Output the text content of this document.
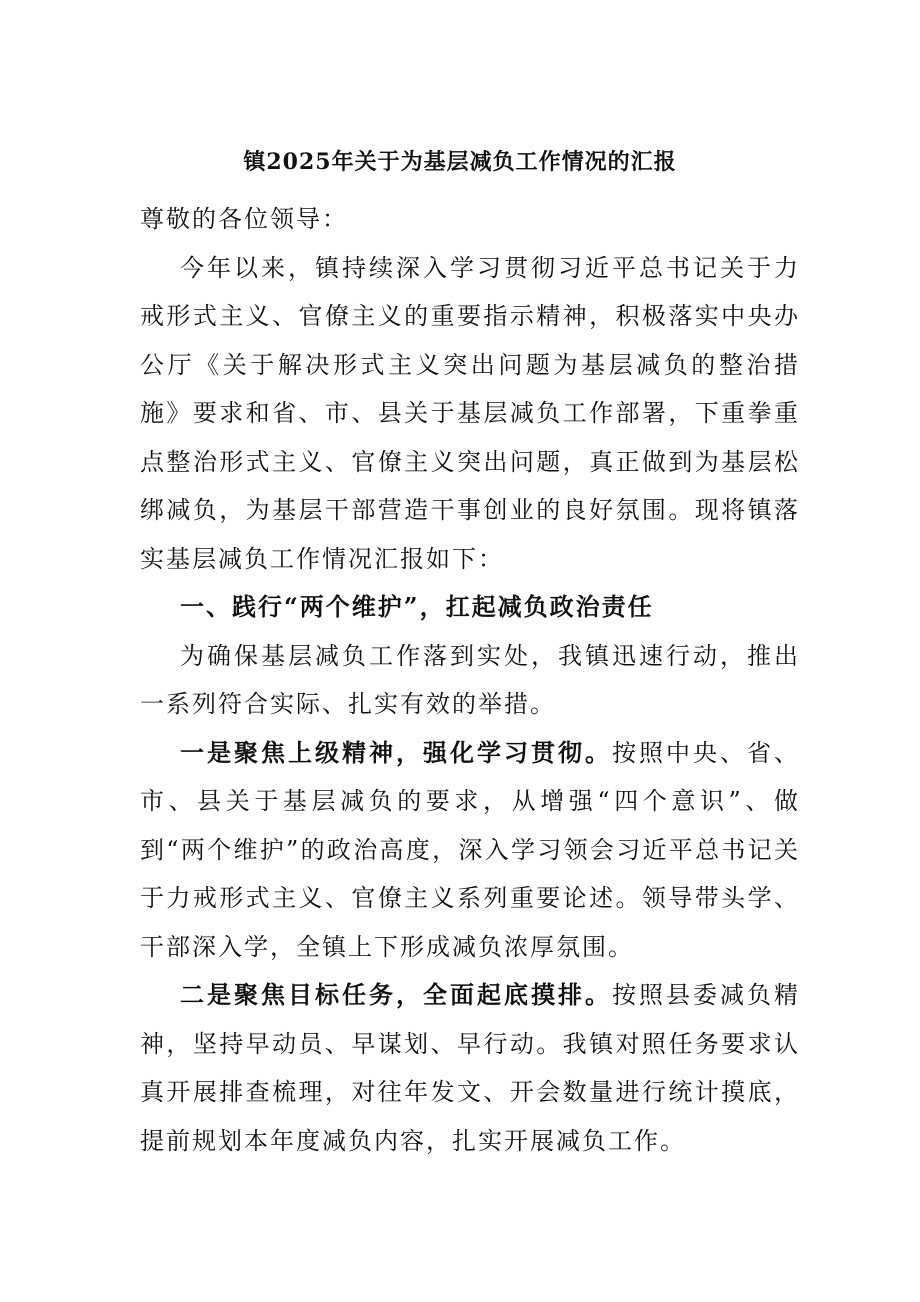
镇2025年关于为基层减负工作情况的汇报

尊敬的各位领导：

今年以来，镇持续深入学习贯彻习近平总书记关于力戒形式主义、官僚主义的重要指示精神，积极落实中央办公厅《关于解决形式主义突出问题为基层减负的整治措施》要求和省、市、县关于基层减负工作部署，下重拳重点整治形式主义、官僚主义突出问题，真正做到为基层松绑减负，为基层干部营造干事创业的良好氛围。现将镇落实基层减负工作情况汇报如下：

一、践行“两个维护”，扛起减负政治责任

为确保基层减负工作落到实处，我镇迅速行动，推出一系列符合实际、扎实有效的举措。

一是聚焦上级精神，强化学习贯彻。按照中央、省、市、县关于基层减负的要求，从增强“四个意识”、做到“两个维护”的政治高度，深入学习领会习近平总书记关于力戒形式主义、官僚主义系列重要论述。领导带头学、干部深入学，全镇上下形成减负浓厚氛围。

二是聚焦目标任务，全面起底摸排。按照县委减负精神，坚持早动员、早谋划、早行动。我镇对照任务要求认真开展排查梳理，对往年发文、开会数量进行统计摸底，提前规划本年度减负内容，扎实开展减负工作。
